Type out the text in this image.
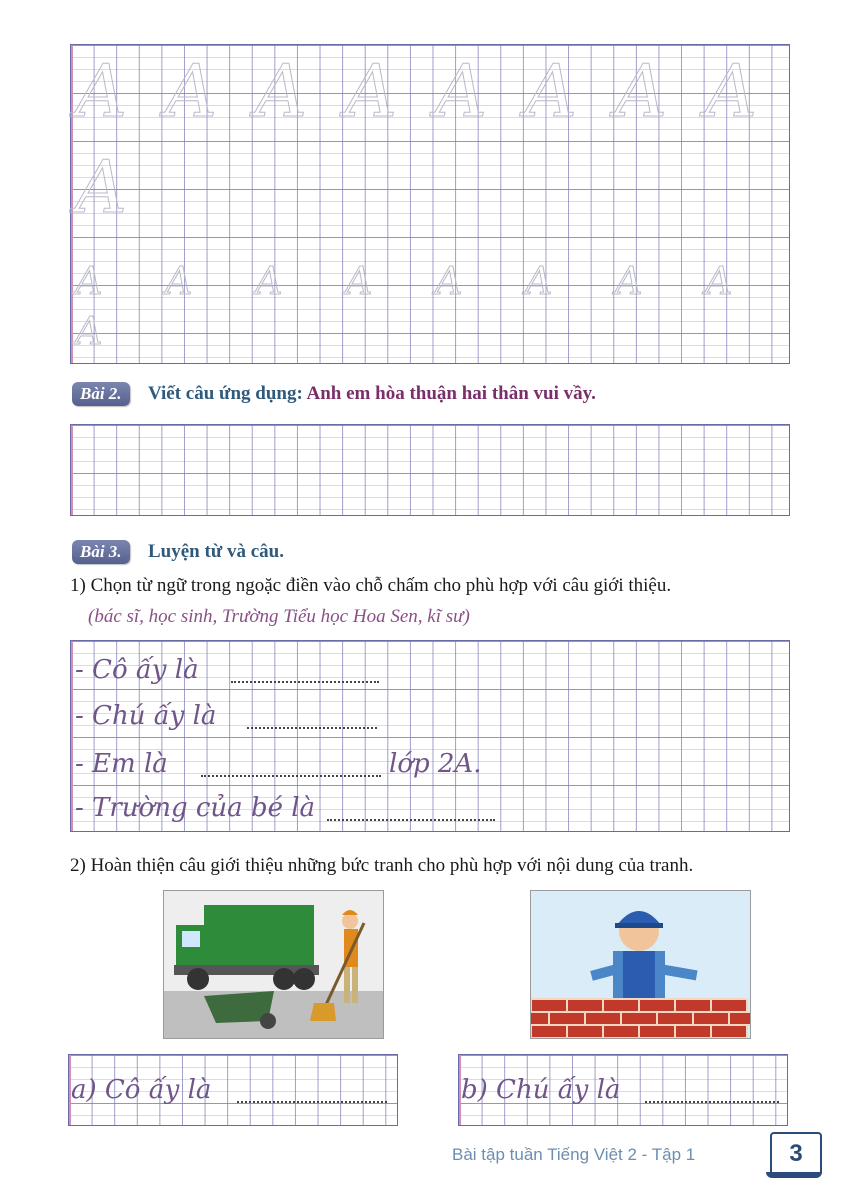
A A A A A A A A
A
A A A A A A A A
A
Bài 2.	Viết câu ứng dụng: Anh em hòa thuận hai thân vui vầy.
Bài 3.	Luyện từ và câu.
1) Chọn từ ngữ trong ngoặc điền vào chỗ chấm cho phù hợp với câu giới thiệu.
(bác sĩ, học sinh, Trường Tiểu học Hoa Sen, kĩ sư)
- Cô ấy là
- Chú ấy là
- Em là	lớp 2A.
- Trường của bé là
2) Hoàn thiện câu giới thiệu những bức tranh cho phù hợp với nội dung của tranh.
a) Cô ấy là	b) Chú ấy là
Bài tập tuần Tiếng Việt 2 - Tập 1	3
